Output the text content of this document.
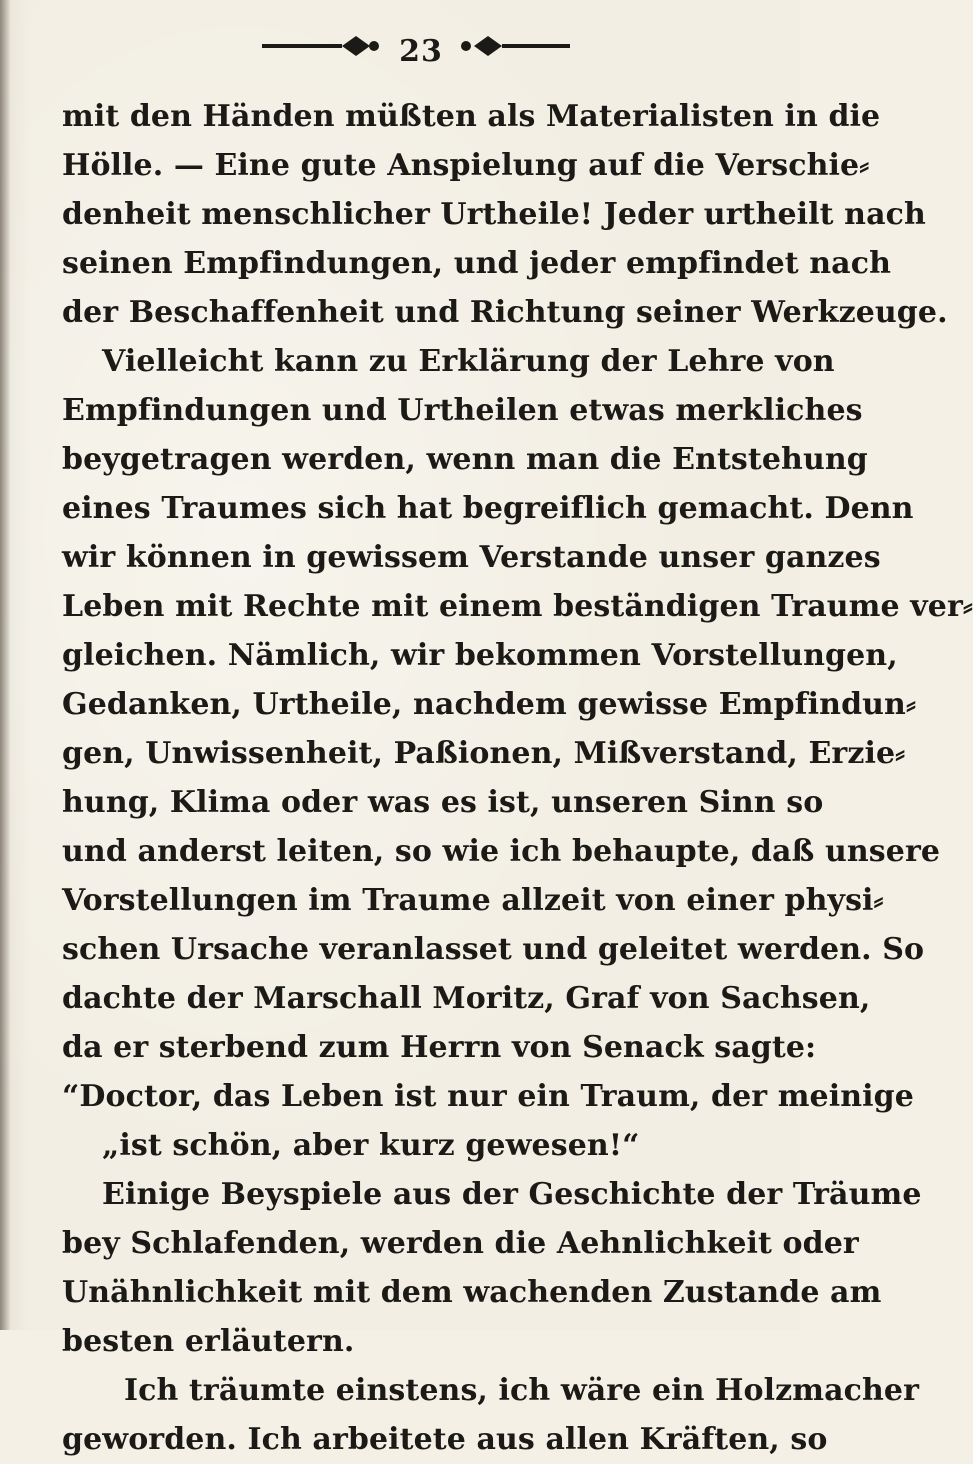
23
mit den Händen müßten als Materialisten in die
Hölle. — Eine gute Anspielung auf die Verschie⸗
denheit menschlicher Urtheile! Jeder urtheilt nach
seinen Empfindungen, und jeder empfindet nach
der Beschaffenheit und Richtung seiner Werkzeuge.
Vielleicht kann zu Erklärung der Lehre von
Empfindungen und Urtheilen etwas merkliches
beygetragen werden, wenn man die Entstehung
eines Traumes sich hat begreiflich gemacht. Denn
wir können in gewissem Verstande unser ganzes
Leben mit Rechte mit einem beständigen Traume ver⸗
gleichen. Nämlich, wir bekommen Vorstellungen,
Gedanken, Urtheile, nachdem gewisse Empfindun⸗
gen, Unwissenheit, Paßionen, Mißverstand, Erzie⸗
hung, Klima oder was es ist, unseren Sinn so
und anderst leiten, so wie ich behaupte, daß unsere
Vorstellungen im Traume allzeit von einer physi⸗
schen Ursache veranlasset und geleitet werden. So
dachte der Marschall Moritz, Graf von Sachsen,
da er sterbend zum Herrn von Senack sagte:
“Doctor, das Leben ist nur ein Traum, der meinige
„ist schön, aber kurz gewesen!“
Einige Beyspiele aus der Geschichte der Träume
bey Schlafenden, werden die Aehnlichkeit oder
Unähnlichkeit mit dem wachenden Zustande am
besten erläutern.
Ich träumte einstens, ich wäre ein Holzmacher
geworden. Ich arbeitete aus allen Kräften, so
